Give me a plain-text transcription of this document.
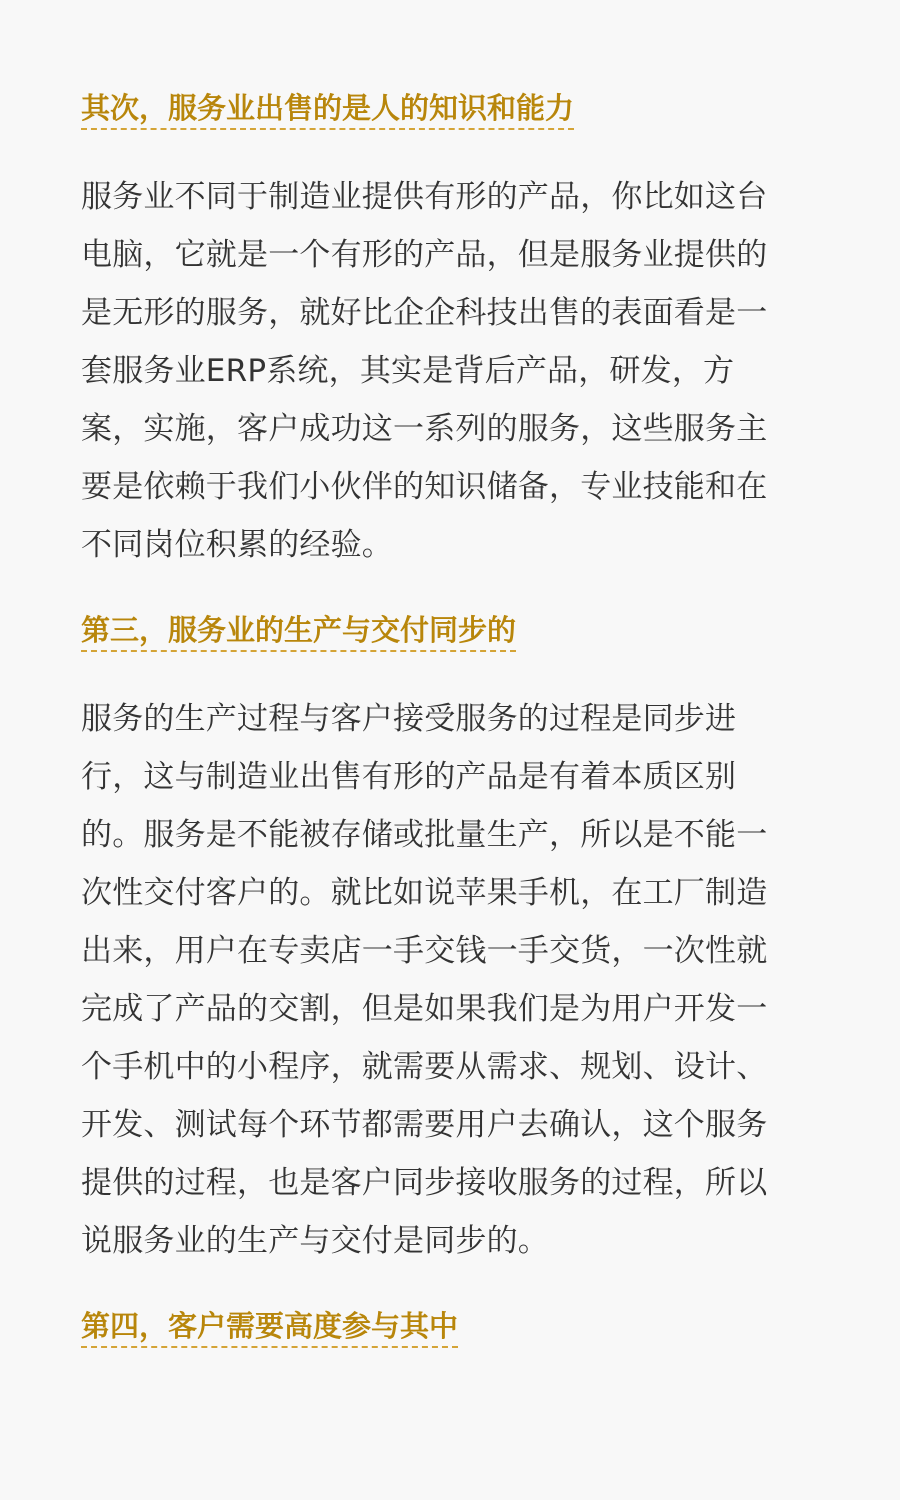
其次，服务业出售的是人的知识和能力
服务业不同于制造业提供有形的产品，你比如这台
电脑，它就是一个有形的产品，但是服务业提供的
是无形的服务，就好比企企科技出售的表面看是一
套服务业ERP系统，其实是背后产品，研发，方
案，实施，客户成功这一系列的服务，这些服务主
要是依赖于我们小伙伴的知识储备，专业技能和在
不同岗位积累的经验。
第三，服务业的生产与交付同步的
服务的生产过程与客户接受服务的过程是同步进
行，这与制造业出售有形的产品是有着本质区别
的。服务是不能被存储或批量生产，所以是不能一
次性交付客户的。就比如说苹果手机，在工厂制造
出来，用户在专卖店一手交钱一手交货，一次性就
完成了产品的交割，但是如果我们是为用户开发一
个手机中的小程序，就需要从需求、规划、设计、
开发、测试每个环节都需要用户去确认，这个服务
提供的过程，也是客户同步接收服务的过程，所以
说服务业的生产与交付是同步的。
第四，客户需要高度参与其中
